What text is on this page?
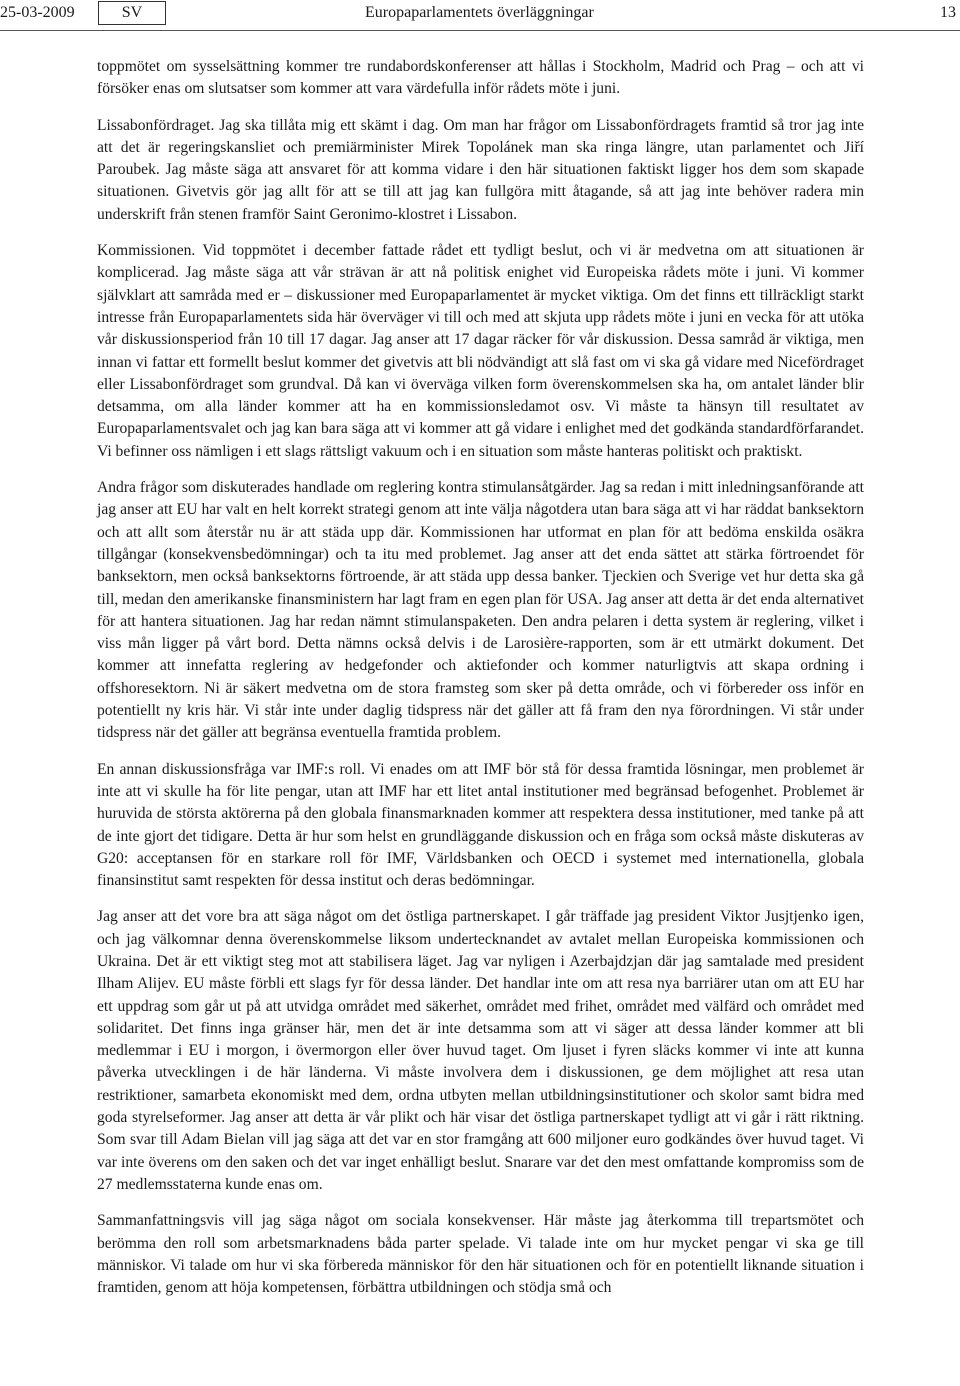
25-03-2009	SV	Europaparlamentets överläggningar	13

toppmötet om sysselsättning kommer tre rundabordskonferenser att hållas i Stockholm, Madrid och Prag – och att vi försöker enas om slutsatser som kommer att vara värdefulla inför rådets möte i juni.

Lissabonfördraget. Jag ska tillåta mig ett skämt i dag. Om man har frågor om Lissabonfördragets framtid så tror jag inte att det är regeringskansliet och premiärminister Mirek Topolánek man ska ringa längre, utan parlamentet och Jiří Paroubek. Jag måste säga att ansvaret för att komma vidare i den här situationen faktiskt ligger hos dem som skapade situationen. Givetvis gör jag allt för att se till att jag kan fullgöra mitt åtagande, så att jag inte behöver radera min underskrift från stenen framför Saint Geronimo-klostret i Lissabon.

Kommissionen. Vid toppmötet i december fattade rådet ett tydligt beslut, och vi är medvetna om att situationen är komplicerad. Jag måste säga att vår strävan är att nå politisk enighet vid Europeiska rådets möte i juni. Vi kommer självklart att samråda med er – diskussioner med Europaparlamentet är mycket viktiga. Om det finns ett tillräckligt starkt intresse från Europaparlamentets sida här överväger vi till och med att skjuta upp rådets möte i juni en vecka för att utöka vår diskussionsperiod från 10 till 17 dagar. Jag anser att 17 dagar räcker för vår diskussion. Dessa samråd är viktiga, men innan vi fattar ett formellt beslut kommer det givetvis att bli nödvändigt att slå fast om vi ska gå vidare med Nicefördraget eller Lissabonfördraget som grundval. Då kan vi överväga vilken form överenskommelsen ska ha, om antalet länder blir detsamma, om alla länder kommer att ha en kommissionsledamot osv. Vi måste ta hänsyn till resultatet av Europaparlamentsvalet och jag kan bara säga att vi kommer att gå vidare i enlighet med det godkända standardförfarandet. Vi befinner oss nämligen i ett slags rättsligt vakuum och i en situation som måste hanteras politiskt och praktiskt.

Andra frågor som diskuterades handlade om reglering kontra stimulansåtgärder. Jag sa redan i mitt inledningsanförande att jag anser att EU har valt en helt korrekt strategi genom att inte välja någotdera utan bara säga att vi har räddat banksektorn och att allt som återstår nu är att städa upp där. Kommissionen har utformat en plan för att bedöma enskilda osäkra tillgångar (konsekvensbedömningar) och ta itu med problemet. Jag anser att det enda sättet att stärka förtroendet för banksektorn, men också banksektorns förtroende, är att städa upp dessa banker. Tjeckien och Sverige vet hur detta ska gå till, medan den amerikanske finansministern har lagt fram en egen plan för USA. Jag anser att detta är det enda alternativet för att hantera situationen. Jag har redan nämnt stimulanspaketen. Den andra pelaren i detta system är reglering, vilket i viss mån ligger på vårt bord. Detta nämns också delvis i de Larosière-rapporten, som är ett utmärkt dokument. Det kommer att innefatta reglering av hedgefonder och aktiefonder och kommer naturligtvis att skapa ordning i offshoresektorn. Ni är säkert medvetna om de stora framsteg som sker på detta område, och vi förbereder oss inför en potentiellt ny kris här. Vi står inte under daglig tidspress när det gäller att få fram den nya förordningen. Vi står under tidspress när det gäller att begränsa eventuella framtida problem.

En annan diskussionsfråga var IMF:s roll. Vi enades om att IMF bör stå för dessa framtida lösningar, men problemet är inte att vi skulle ha för lite pengar, utan att IMF har ett litet antal institutioner med begränsad befogenhet. Problemet är huruvida de största aktörerna på den globala finansmarknaden kommer att respektera dessa institutioner, med tanke på att de inte gjort det tidigare. Detta är hur som helst en grundläggande diskussion och en fråga som också måste diskuteras av G20: acceptansen för en starkare roll för IMF, Världsbanken och OECD i systemet med internationella, globala finansinstitut samt respekten för dessa institut och deras bedömningar.

Jag anser att det vore bra att säga något om det östliga partnerskapet. I går träffade jag president Viktor Jusjtjenko igen, och jag välkomnar denna överenskommelse liksom undertecknandet av avtalet mellan Europeiska kommissionen och Ukraina. Det är ett viktigt steg mot att stabilisera läget. Jag var nyligen i Azerbajdzjan där jag samtalade med president Ilham Alijev. EU måste förbli ett slags fyr för dessa länder. Det handlar inte om att resa nya barriärer utan om att EU har ett uppdrag som går ut på att utvidga området med säkerhet, området med frihet, området med välfärd och området med solidaritet. Det finns inga gränser här, men det är inte detsamma som att vi säger att dessa länder kommer att bli medlemmar i EU i morgon, i övermorgon eller över huvud taget. Om ljuset i fyren släcks kommer vi inte att kunna påverka utvecklingen i de här länderna. Vi måste involvera dem i diskussionen, ge dem möjlighet att resa utan restriktioner, samarbeta ekonomiskt med dem, ordna utbyten mellan utbildningsinstitutioner och skolor samt bidra med goda styrelseformer. Jag anser att detta är vår plikt och här visar det östliga partnerskapet tydligt att vi går i rätt riktning. Som svar till Adam Bielan vill jag säga att det var en stor framgång att 600 miljoner euro godkändes över huvud taget. Vi var inte överens om den saken och det var inget enhälligt beslut. Snarare var det den mest omfattande kompromiss som de 27 medlemsstaterna kunde enas om.

Sammanfattningsvis vill jag säga något om sociala konsekvenser. Här måste jag återkomma till trepartsmötet och berömma den roll som arbetsmarknadens båda parter spelade. Vi talade inte om hur mycket pengar vi ska ge till människor. Vi talade om hur vi ska förbereda människor för den här situationen och för en potentiellt liknande situation i framtiden, genom att höja kompetensen, förbättra utbildningen och stödja små och
